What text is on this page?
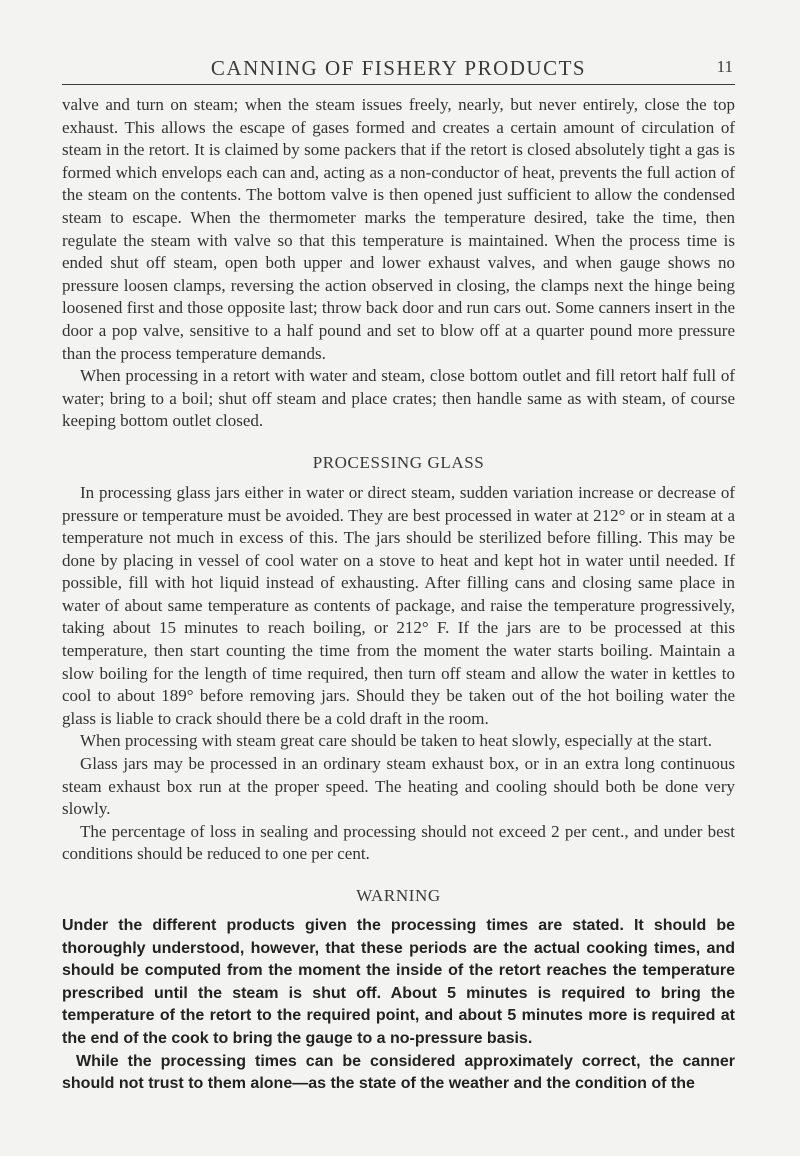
CANNING OF FISHERY PRODUCTS	11

valve and turn on steam; when the steam issues freely, nearly, but never entirely, close the top exhaust. This allows the escape of gases formed and creates a certain amount of circulation of steam in the retort. It is claimed by some packers that if the retort is closed absolutely tight a gas is formed which envelops each can and, acting as a non-conductor of heat, prevents the full action of the steam on the contents. The bottom valve is then opened just sufficient to allow the condensed steam to escape. When the thermometer marks the temperature desired, take the time, then regulate the steam with valve so that this temperature is maintained. When the process time is ended shut off steam, open both upper and lower exhaust valves, and when gauge shows no pressure loosen clamps, reversing the action observed in closing, the clamps next the hinge being loosened first and those opposite last; throw back door and run cars out. Some canners insert in the door a pop valve, sensitive to a half pound and set to blow off at a quarter pound more pressure than the process temperature demands.

When processing in a retort with water and steam, close bottom outlet and fill retort half full of water; bring to a boil; shut off steam and place crates; then handle same as with steam, of course keeping bottom outlet closed.

PROCESSING GLASS

In processing glass jars either in water or direct steam, sudden variation increase or decrease of pressure or temperature must be avoided. They are best processed in water at 212° or in steam at a temperature not much in excess of this. The jars should be sterilized before filling. This may be done by placing in vessel of cool water on a stove to heat and kept hot in water until needed. If possible, fill with hot liquid instead of exhausting. After filling cans and closing same place in water of about same temperature as contents of package, and raise the temperature progressively, taking about 15 minutes to reach boiling, or 212° F. If the jars are to be processed at this temperature, then start counting the time from the moment the water starts boiling. Maintain a slow boiling for the length of time required, then turn off steam and allow the water in kettles to cool to about 189° before removing jars. Should they be taken out of the hot boiling water the glass is liable to crack should there be a cold draft in the room.

When processing with steam great care should be taken to heat slowly, especially at the start.

Glass jars may be processed in an ordinary steam exhaust box, or in an extra long continuous steam exhaust box run at the proper speed. The heating and cooling should both be done very slowly.

The percentage of loss in sealing and processing should not exceed 2 per cent., and under best conditions should be reduced to one per cent.

WARNING

Under the different products given the processing times are stated. It should be thoroughly understood, however, that these periods are the actual cooking times, and should be computed from the moment the inside of the retort reaches the temperature prescribed until the steam is shut off. About 5 minutes is required to bring the temperature of the retort to the required point, and about 5 minutes more is required at the end of the cook to bring the gauge to a no-pressure basis.

While the processing times can be considered approximately correct, the canner should not trust to them alone—as the state of the weather and the condition of the
